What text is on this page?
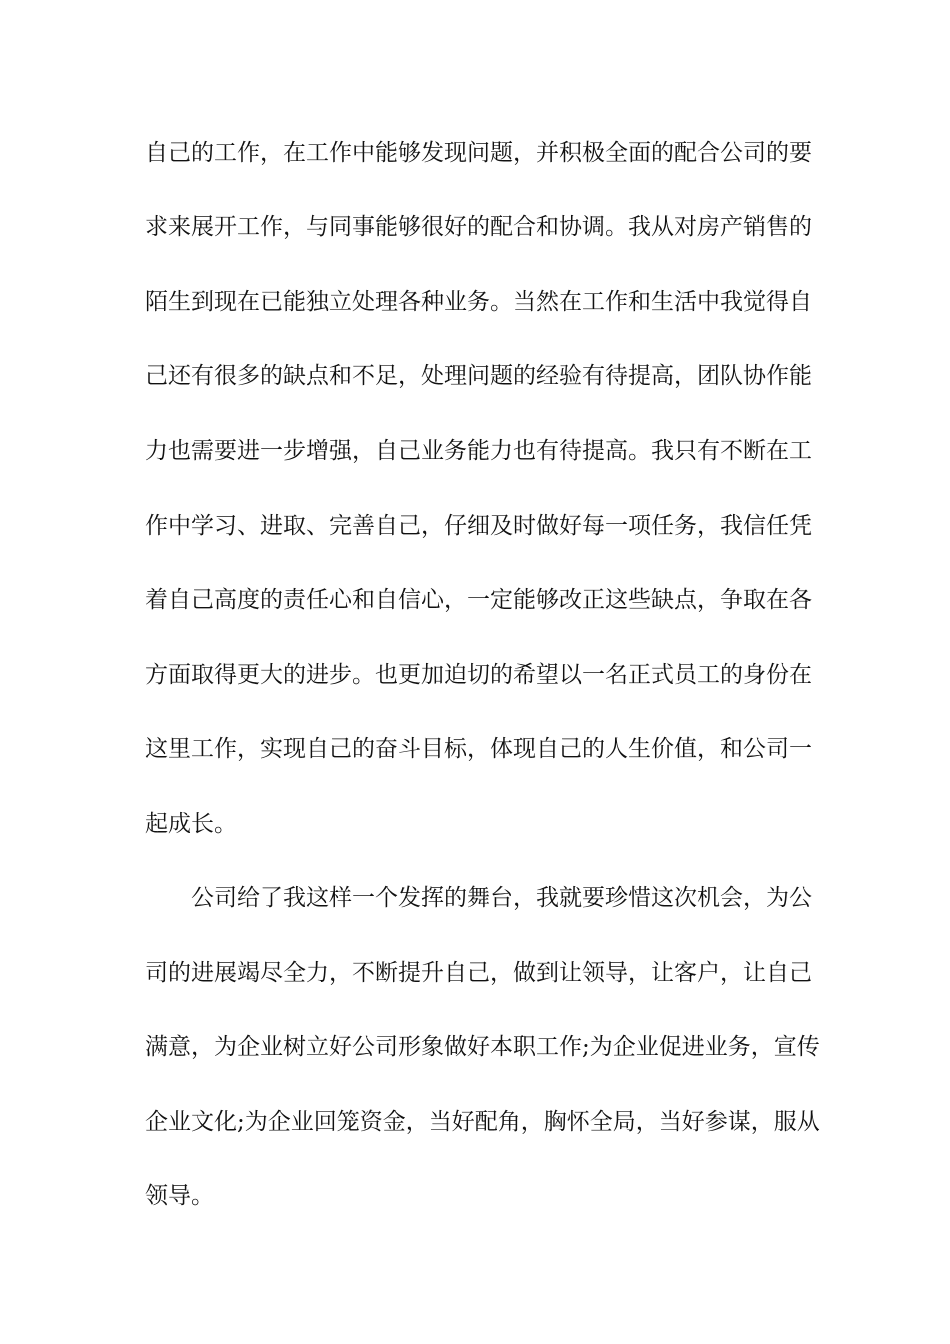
自己的工作，在工作中能够发现问题，并积极全面的配合公司的要
求来展开工作，与同事能够很好的配合和协调。我从对房产销售的
陌生到现在已能独立处理各种业务。当然在工作和生活中我觉得自
己还有很多的缺点和不足，处理问题的经验有待提高，团队协作能
力也需要进一步增强，自己业务能力也有待提高。我只有不断在工
作中学习、进取、完善自己，仔细及时做好每一项任务，我信任凭
着自己高度的责任心和自信心，一定能够改正这些缺点，争取在各
方面取得更大的进步。也更加迫切的希望以一名正式员工的身份在
这里工作，实现自己的奋斗目标，体现自己的人生价值，和公司一
起成长。
公司给了我这样一个发挥的舞台，我就要珍惜这次机会，为公
司的进展竭尽全力，不断提升自己，做到让领导，让客户，让自己
满意，为企业树立好公司形象做好本职工作;为企业促进业务，宣传
企业文化;为企业回笼资金，当好配角，胸怀全局，当好参谋，服从
领导。
